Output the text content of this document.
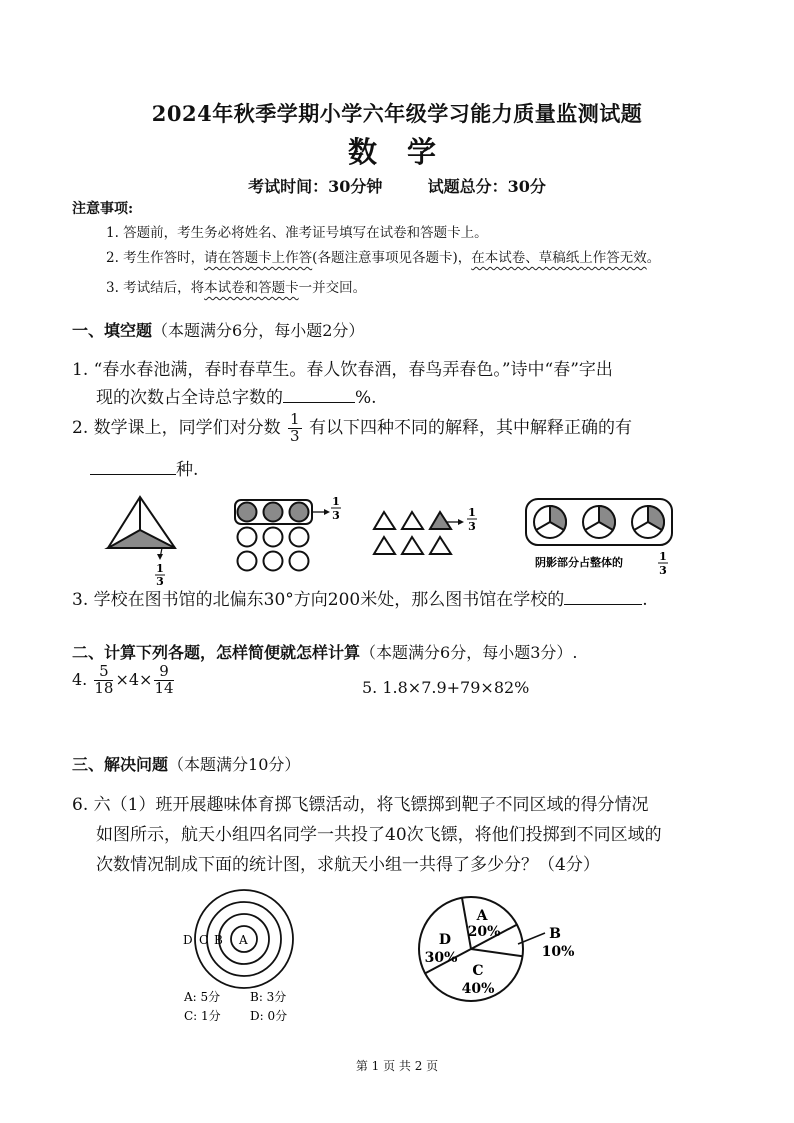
2024年秋季学期小学六年级学习能力质量监测试题
数 学
考试时间：30分钟	试题总分：30分
注意事项:
1. 答题前，考生务必将姓名、准考证号填写在试卷和答题卡上。
2. 考生作答时，请在答题卡上作答(各题注意事项见各题卡)，在本试卷、草稿纸上作答无效。
3. 考试结后，将本试卷和答题卡一并交回。
一、填空题（本题满分6分，每小题2分）
1. “春水春池满，春时春草生。春人饮春酒，春鸟弄春色。”诗中“春”字出
现的次数占全诗总字数的	%.
2. 数学课上，同学们对分数 $\frac{1}{3}$ 有以下四种不同的解释，其中解释正确的有
种.
1
3
1
3	1
3
阴影部分占整体的	1
3
3. 学校在图书馆的北偏东30°方向200米处，那么图书馆在学校的	.
二、计算下列各题，怎样简便就怎样计算（本题满分6分，每小题3分）.
4. $\frac{5}{18} \times 4\times \frac{9}{14}$	5. 1.8×7.9+79×82%
三、解决问题（本题满分10分）
6. 六（1）班开展趣味体育掷飞镖活动，将飞镖掷到靶子不同区域的得分情况
如图所示，航天小组四名同学一共投了40次飞镖，将他们投掷到不同区域的
次数情况制成下面的统计图，求航天小组一共得了多少分？（4分）
D C B A
A: 5分 B: 3分
C: 1分 D: 0分
A
20%	B
10%
C
40%
D
30%
第 1 页 共 2 页
